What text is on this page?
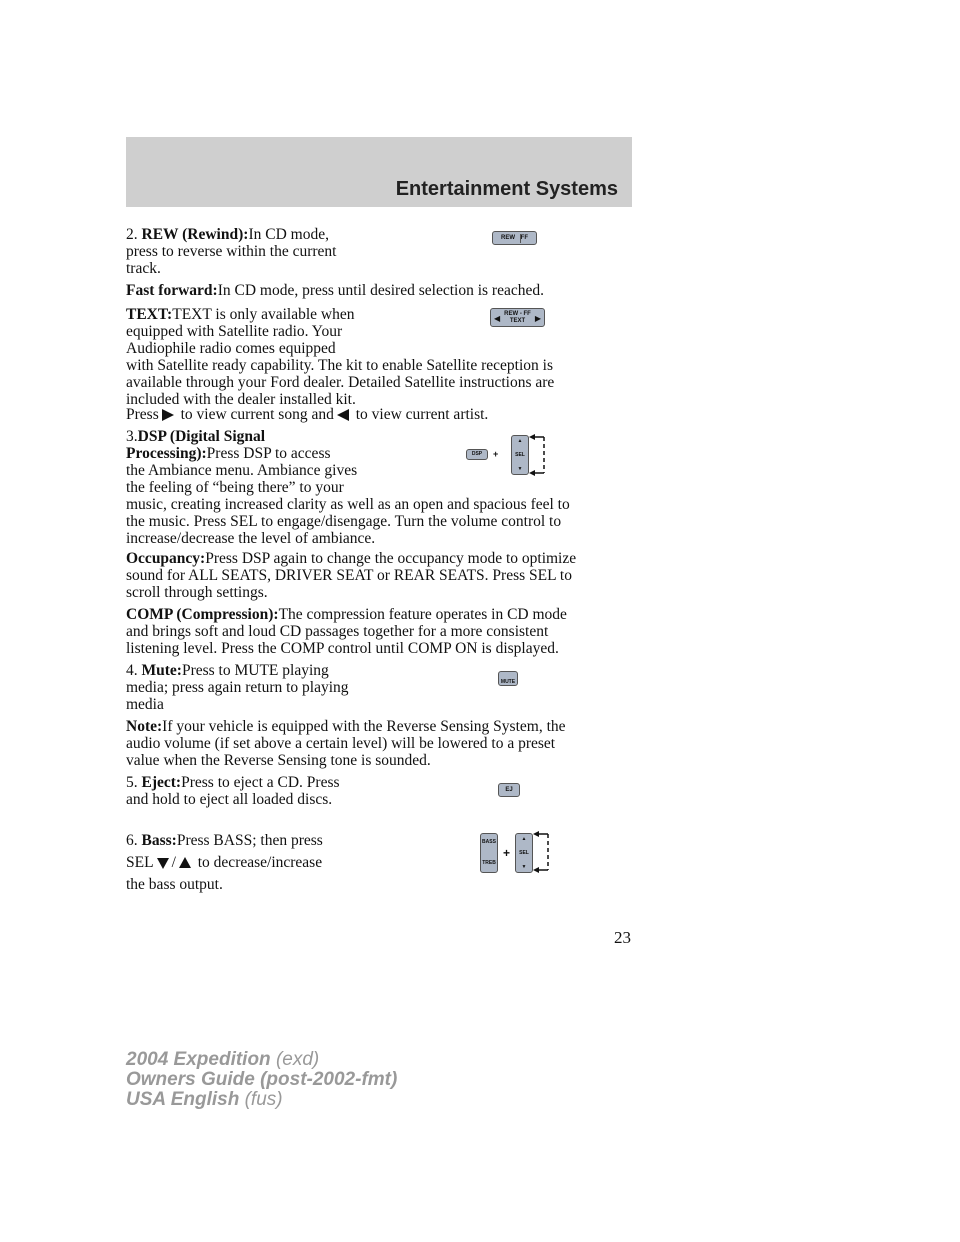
Entertainment Systems

2. REW (Rewind):In CD mode,
press to reverse within the current
track.

REW FF

Fast forward:In CD mode, press until desired selection is reached.

TEXT:TEXT is only available when
equipped with Satellite radio. Your
Audiophile radio comes equipped
with Satellite ready capability. The kit to enable Satellite reception is
available through your Ford dealer. Detailed Satellite instructions are
included with the dealer installed kit.

◀ REW - FF
TEXT	▶

Press to view current song and to view current artist.

3.DSP (Digital Signal
Processing):Press DSP to access
the Ambiance menu. Ambiance gives
the feeling of “being there” to your
music, creating increased clarity as well as an open and spacious feel to
the music. Press SEL to engage/disengage. Turn the volume control to
increase/decrease the level of ambiance.

DSP	+
▲
SEL
▼

Occupancy:Press DSP again to change the occupancy mode to optimize
sound for ALL SEATS, DRIVER SEAT or REAR SEATS. Press SEL to
scroll through settings.

COMP (Compression):The compression feature operates in CD mode
and brings soft and loud CD passages together for a more consistent
listening level. Press the COMP control until COMP ON is displayed.

4. Mute:Press to MUTE playing
media; press again return to playing
media

MUTE

Note:If your vehicle is equipped with the Reverse Sensing System, the
audio volume (if set above a certain level) will be lowered to a preset
value when the Reverse Sensing tone is sounded.

5. Eject:Press to eject a CD. Press
and hold to eject all loaded discs.

EJ

6. Bass:Press BASS; then press
SEL / to decrease/increase
the bass output.

BASS
TREB
+
▲
SEL
▼
23
2004 Expedition (exd)
Owners Guide (post-2002-fmt)
USA English (fus)
